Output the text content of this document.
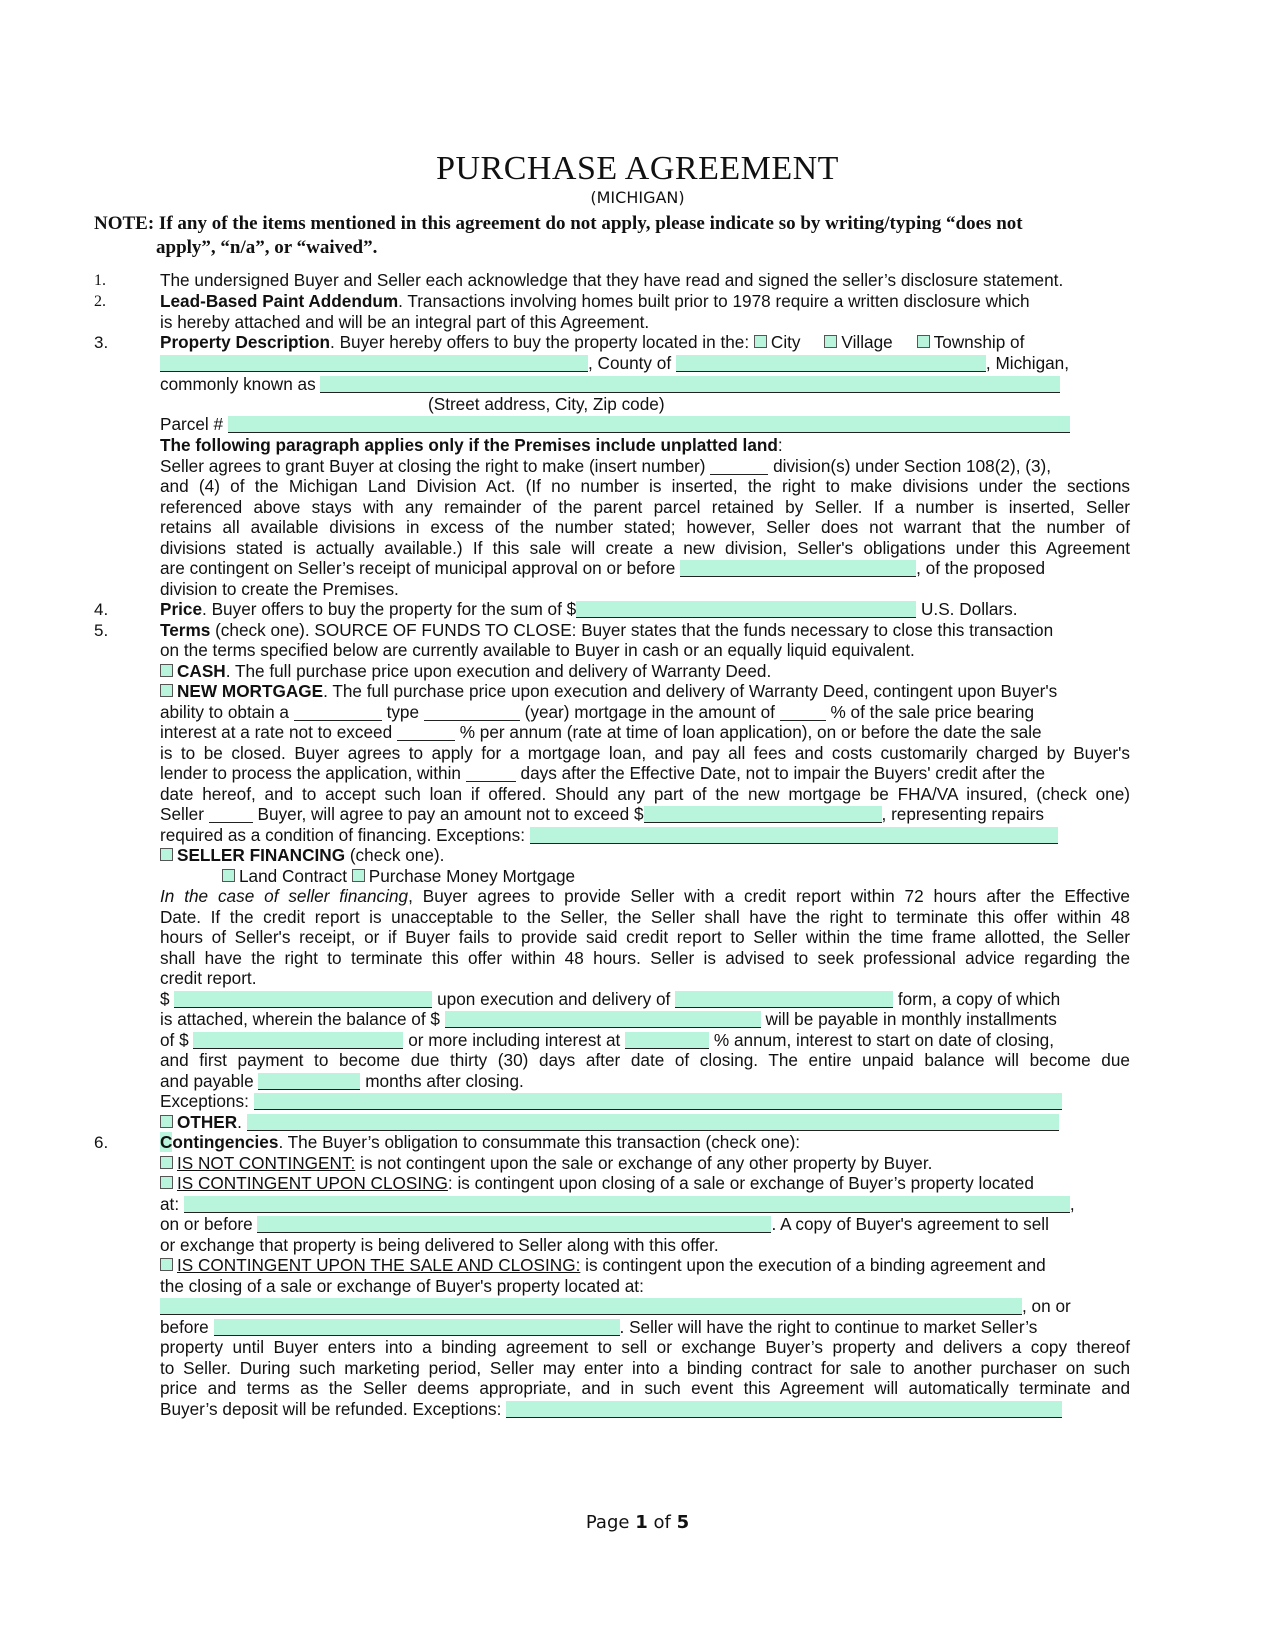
PURCHASE AGREEMENT
(MICHIGAN)
NOTE: If any of the items mentioned in this agreement do not apply, please indicate so by writing/typing “does not
apply”, “n/a”, or “waived”.
1.	The undersigned Buyer and Seller each acknowledge that they have read and signed the seller’s disclosure statement.
2.	Lead-Based Paint Addendum. Transactions involving homes built prior to 1978 require a written disclosure which
is hereby attached and will be an integral part of this Agreement.
3.	Property Description. Buyer hereby offers to buy the property located in the: City Village Township of
, County of	, Michigan,
commonly known as
(Street address, City, Zip code)
Parcel #
The following paragraph applies only if the Premises include unplatted land:
Seller agrees to grant Buyer at closing the right to make (insert number)	division(s) under Section 108(2), (3),
and (4) of the Michigan Land Division Act. (If no number is inserted, the right to make divisions under the sections
referenced above stays with any remainder of the parent parcel retained by Seller. If a number is inserted, Seller
retains all available divisions in excess of the number stated; however, Seller does not warrant that the number of
divisions stated is actually available.) If this sale will create a new division, Seller's obligations under this Agreement
are contingent on Seller’s receipt of municipal approval on or before	, of the proposed
division to create the Premises.
4.	Price. Buyer offers to buy the property for the sum of $	U.S. Dollars.
5.	Terms (check one). SOURCE OF FUNDS TO CLOSE: Buyer states that the funds necessary to close this transaction
on the terms specified below are currently available to Buyer in cash or an equally liquid equivalent.
CASH. The full purchase price upon execution and delivery of Warranty Deed.
NEW MORTGAGE. The full purchase price upon execution and delivery of Warranty Deed, contingent upon Buyer's
ability to obtain a	type	(year) mortgage in the amount of	% of the sale price bearing
interest at a rate not to exceed	% per annum (rate at time of loan application), on or before the date the sale
is to be closed. Buyer agrees to apply for a mortgage loan, and pay all fees and costs customarily charged by Buyer's
lender to process the application, within	days after the Effective Date, not to impair the Buyers' credit after the
date hereof, and to accept such loan if offered. Should any part of the new mortgage be FHA/VA insured, (check one)
Seller	Buyer, will agree to pay an amount not to exceed $	, representing repairs
required as a condition of financing. Exceptions:
SELLER FINANCING (check one).
Land Contract Purchase Money Mortgage
In the case of seller financing, Buyer agrees to provide Seller with a credit report within 72 hours after the Effective
Date. If the credit report is unacceptable to the Seller, the Seller shall have the right to terminate this offer within 48
hours of Seller's receipt, or if Buyer fails to provide said credit report to Seller within the time frame allotted, the Seller
shall have the right to terminate this offer within 48 hours. Seller is advised to seek professional advice regarding the
credit report.
$	upon execution and delivery of	form, a copy of which
is attached, wherein the balance of $	will be payable in monthly installments
of $	or more including interest at	% annum, interest to start on date of closing,
and first payment to become due thirty (30) days after date of closing. The entire unpaid balance will become due
and payable	months after closing.
Exceptions:
OTHER.
6.	Contingencies. The Buyer’s obligation to consummate this transaction (check one):
IS NOT CONTINGENT: is not contingent upon the sale or exchange of any other property by Buyer.
IS CONTINGENT UPON CLOSING: is contingent upon closing of a sale or exchange of Buyer’s property located
at:	,
on or before	. A copy of Buyer's agreement to sell
or exchange that property is being delivered to Seller along with this offer.
IS CONTINGENT UPON THE SALE AND CLOSING: is contingent upon the execution of a binding agreement and
the closing of a sale or exchange of Buyer's property located at:
, on or
before	. Seller will have the right to continue to market Seller’s
property until Buyer enters into a binding agreement to sell or exchange Buyer’s property and delivers a copy thereof
to Seller. During such marketing period, Seller may enter into a binding contract for sale to another purchaser on such
price and terms as the Seller deems appropriate, and in such event this Agreement will automatically terminate and
Buyer’s deposit will be refunded. Exceptions:
Page 1 of 5
